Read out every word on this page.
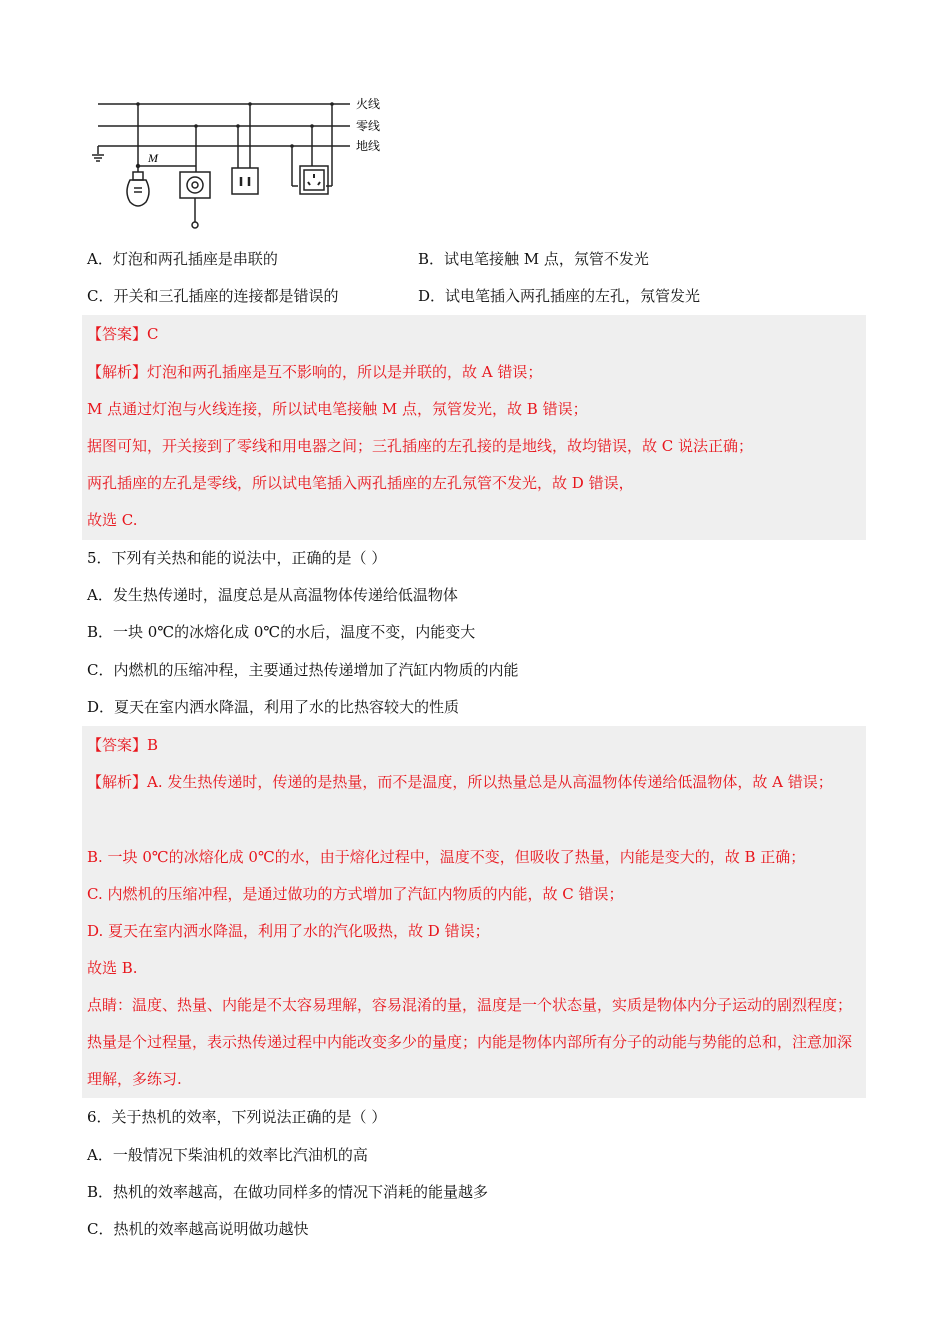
M
火线
零线
地线
A．灯泡和两孔插座是串联的	B．试电笔接触 M 点，氖管不发光
C．开关和三孔插座的连接都是错误的	D．试电笔插入两孔插座的左孔，氖管发光
【答案】C
【解析】灯泡和两孔插座是互不影响的，所以是并联的，故 A 错误；
M 点通过灯泡与火线连接，所以试电笔接触 M 点，氖管发光，故 B 错误；
据图可知，开关接到了零线和用电器之间；三孔插座的左孔接的是地线，故均错误，故 C 说法正确；
两孔插座的左孔是零线，所以试电笔插入两孔插座的左孔氖管不发光，故 D 错误，
故选 C.
5．下列有关热和能的说法中，正确的是（ ）
A．发生热传递时，温度总是从高温物体传递给低温物体
B．一块 0℃的冰熔化成 0℃的水后，温度不变，内能变大
C．内燃机的压缩冲程，主要通过热传递增加了汽缸内物质的内能
D．夏天在室内洒水降温，利用了水的比热容较大的性质
【答案】B
【解析】A. 发生热传递时，传递的是热量，而不是温度，所以热量总是从高温物体传递给低温物体，故 A 错误；
B. 一块 0℃的冰熔化成 0℃的水，由于熔化过程中，温度不变，但吸收了热量，内能是变大的，故 B 正确；
C. 内燃机的压缩冲程，是通过做功的方式增加了汽缸内物质的内能，故 C 错误；
D. 夏天在室内洒水降温，利用了水的汽化吸热，故 D 错误；
故选 B.
点睛：温度、热量、内能是不太容易理解，容易混淆的量，温度是一个状态量，实质是物体内分子运动的剧烈程度；热量是个过程量，表示热传递过程中内能改变多少的量度；内能是物体内部所有分子的动能与势能的总和，注意加深理解，多练习.
6．关于热机的效率，下列说法正确的是（ ）
A．一般情况下柴油机的效率比汽油机的高
B．热机的效率越高，在做功同样多的情况下消耗的能量越多
C．热机的效率越高说明做功越快
